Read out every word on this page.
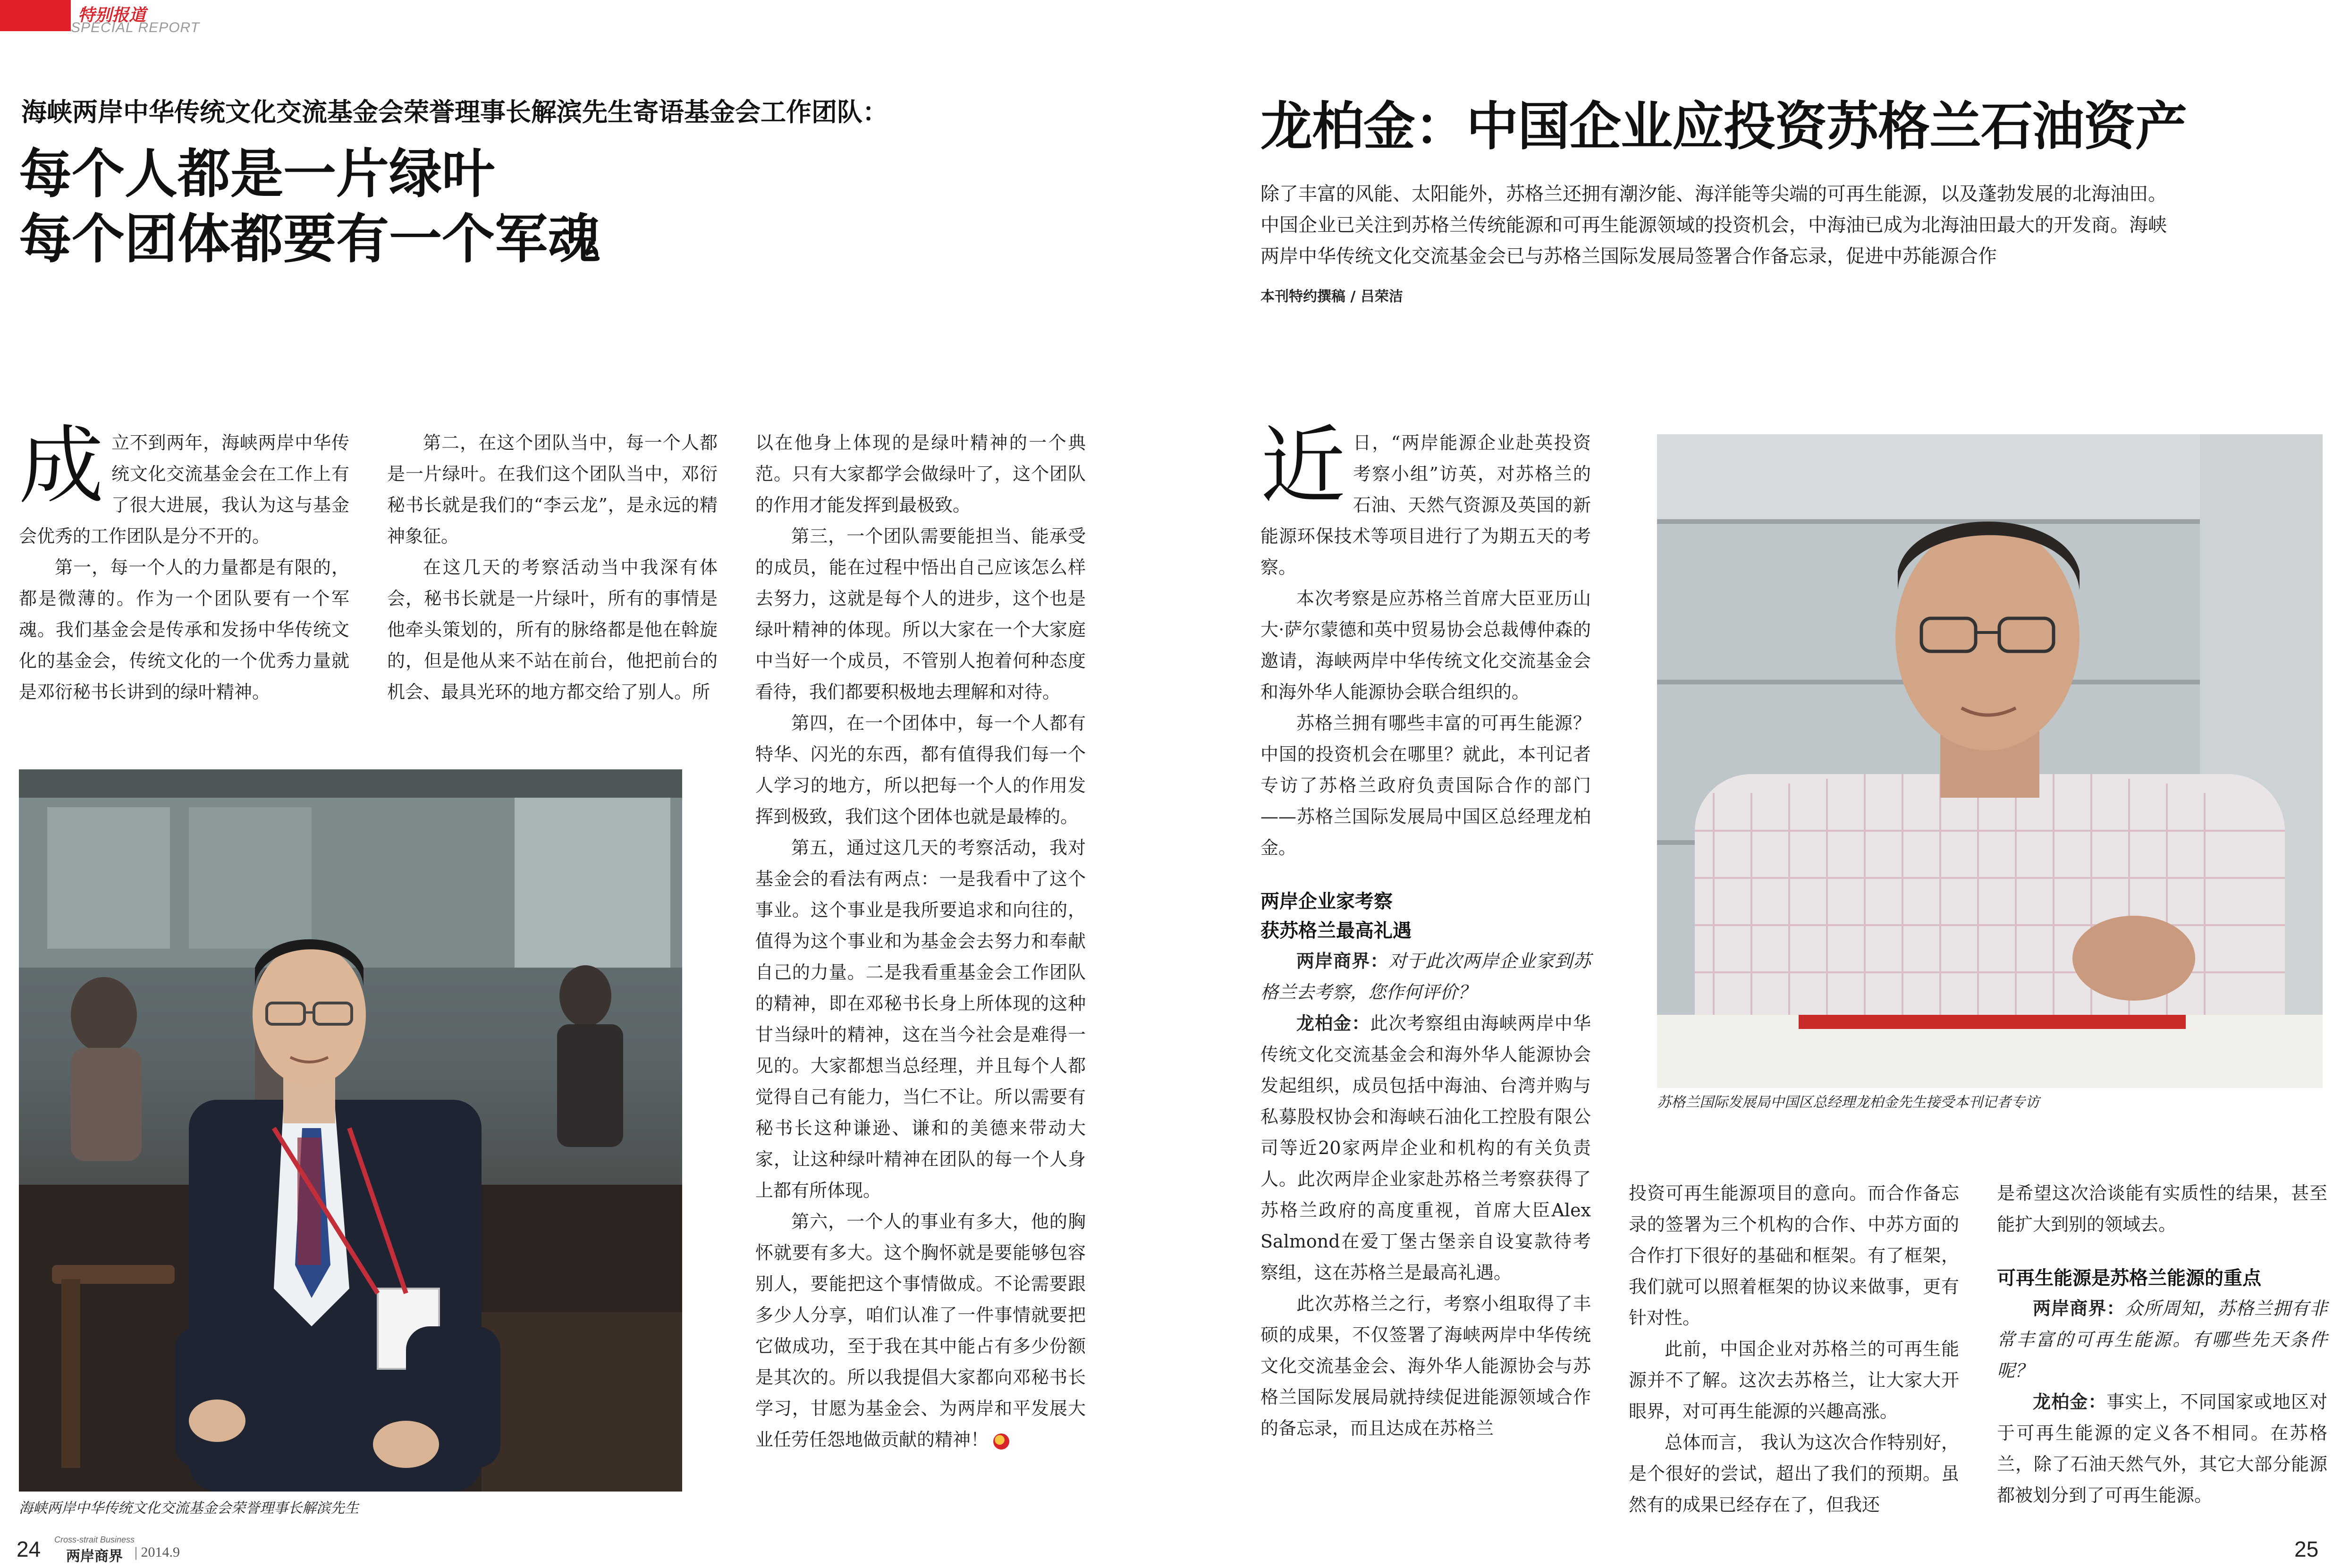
特别报道
SPECIAL REPORT
海峡两岸中华传统文化交流基金会荣誉理事长解滨先生寄语基金会工作团队：
每个人都是一片绿叶
每个团体都要有一个军魂
龙柏金：中国企业应投资苏格兰石油资产

除了丰富的风能、太阳能外，苏格兰还拥有潮汐能、海洋能等尖端的可再生能源，以及蓬勃发展的北海油田。

中国企业已关注到苏格兰传统能源和可再生能源领域的投资机会，中海油已成为北海油田最大的开发商。海峡

两岸中华传统文化交流基金会已与苏格兰国际发展局签署合作备忘录，促进中苏能源合作

本刊特约撰稿 / 吕荣洁
成 立不到两年，海峡两岸中华传统文化交流基金会在工作上有了很大进展，我认为这与基金会优秀的工作团队是分不开的。

第一，每一个人的力量都是有限的，都是微薄的。作为一个团队要有一个军魂。我们基金会是传承和发扬中华传统文化的基金会，传统文化的一个优秀力量就是邓衍秘书长讲到的绿叶精神。

第二，在这个团队当中，每一个人都是一片绿叶。在我们这个团队当中，邓衍秘书长就是我们的“李云龙”，是永远的精神象征。

在这几天的考察活动当中我深有体会，秘书长就是一片绿叶，所有的事情是他牵头策划的，所有的脉络都是他在斡旋的，但是他从来不站在前台，他把前台的机会、最具光环的地方都交给了别人。所

以在他身上体现的是绿叶精神的一个典范。只有大家都学会做绿叶了，这个团队的作用才能发挥到最极致。

第三，一个团队需要能担当、能承受的成员，能在过程中悟出自己应该怎么样去努力，这就是每个人的进步，这个也是绿叶精神的体现。所以大家在一个大家庭中当好一个成员，不管别人抱着何种态度看待，我们都要积极地去理解和对待。

第四，在一个团体中，每一个人都有特华、闪光的东西，都有值得我们每一个人学习的地方，所以把每一个人的作用发挥到极致，我们这个团体也就是最棒的。

第五，通过这几天的考察活动，我对基金会的看法有两点：一是我看中了这个事业。这个事业是我所要追求和向往的，值得为这个事业和为基金会去努力和奉献自己的力量。二是我看重基金会工作团队的精神，即在邓秘书长身上所体现的这种甘当绿叶的精神，这在当今社会是难得一见的。大家都想当总经理，并且每个人都觉得自己有能力，当仁不让。所以需要有秘书长这种谦逊、谦和的美德来带动大家，让这种绿叶精神在团队的每一个人身上都有所体现。

第六，一个人的事业有多大，他的胸怀就要有多大。这个胸怀就是要能够包容别人，要能把这个事情做成。不论需要跟多少人分享，咱们认准了一件事情就要把它做成功，至于我在其中能占有多少份额是其次的。所以我提倡大家都向邓秘书长学习，甘愿为基金会、为两岸和平发展大业任劳任怨地做贡献的精神！

海峡两岸中华传统文化交流基金会荣誉理事长解滨先生
近 日，“两岸能源企业赴英投资考察小组”访英，对苏格兰的石油、天然气资源及英国的新能源环保技术等项目进行了为期五天的考察。

本次考察是应苏格兰首席大臣亚历山大·萨尔蒙德和英中贸易协会总裁傅仲森的邀请，海峡两岸中华传统文化交流基金会和海外华人能源协会联合组织的。

苏格兰拥有哪些丰富的可再生能源？中国的投资机会在哪里？就此，本刊记者专访了苏格兰政府负责国际合作的部门——苏格兰国际发展局中国区总经理龙柏金。

两岸企业家考察
获苏格兰最高礼遇

两岸商界：对于此次两岸企业家到苏格兰去考察，您作何评价？

龙柏金：此次考察组由海峡两岸中华传统文化交流基金会和海外华人能源协会发起组织，成员包括中海油、台湾并购与私募股权协会和海峡石油化工控股有限公司等近20家两岸企业和机构的有关负责人。此次两岸企业家赴苏格兰考察获得了苏格兰政府的高度重视，首席大臣Alex Salmond在爱丁堡古堡亲自设宴款待考察组，这在苏格兰是最高礼遇。

此次苏格兰之行，考察小组取得了丰硕的成果，不仅签署了海峡两岸中华传统文化交流基金会、海外华人能源协会与苏格兰国际发展局就持续促进能源领域合作的备忘录，而且达成在苏格兰

苏格兰国际发展局中国区总经理龙柏金先生接受本刊记者专访

投资可再生能源项目的意向。而合作备忘录的签署为三个机构的合作、中苏方面的合作打下很好的基础和框架。有了框架，我们就可以照着框架的协议来做事，更有针对性。

此前，中国企业对苏格兰的可再生能源并不了解。这次去苏格兰，让大家大开眼界，对可再生能源的兴趣高涨。

总体而言， 我认为这次合作特别好，是个很好的尝试，超出了我们的预期。虽然有的成果已经存在了，但我还

是希望这次洽谈能有实质性的结果，甚至能扩大到别的领域去。

可再生能源是苏格兰能源的重点

两岸商界：众所周知，苏格兰拥有非常丰富的可再生能源。有哪些先天条件呢？

龙柏金：事实上，不同国家或地区对于可再生能源的定义各不相同。在苏格兰，除了石油天然气外，其它大部分能源都被划分到了可再生能源。

24 Cross-strait Business
两岸商界 | 2014.9	25
